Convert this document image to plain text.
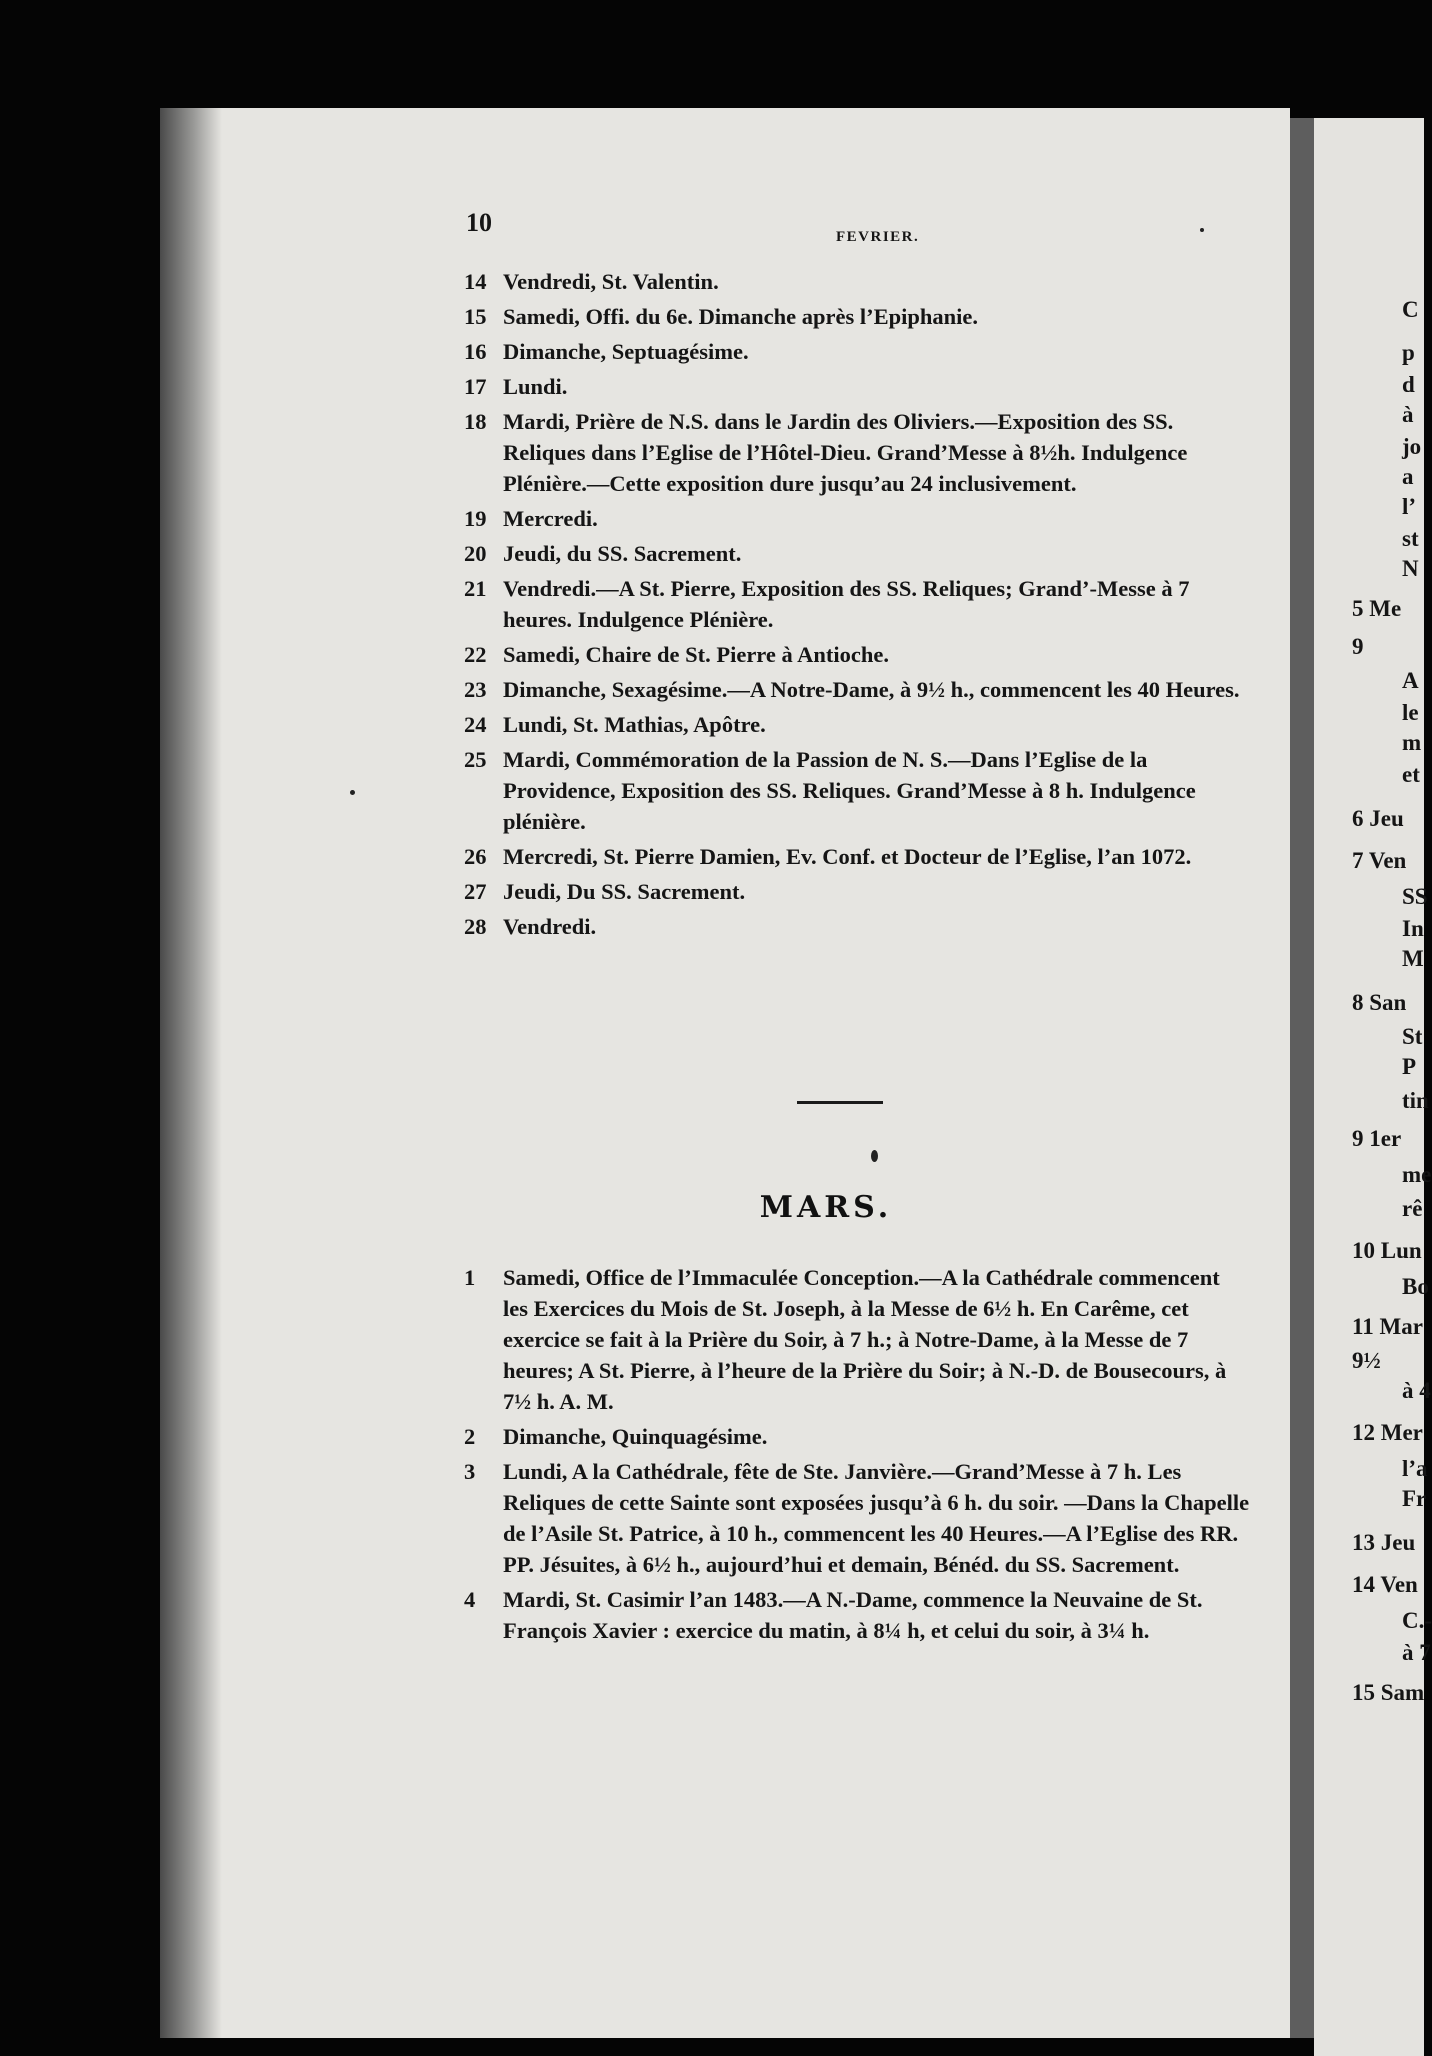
C
p
d
à
jo
a
l’
st
N
5 Me
9
A
le
m
et
6 Jeu
7 Ven
SS
In
M
8 San
St
P
tin
9 1er
me
rê
10 Lun
Bo
11 Mar
9½
à 4
12 Mer
l’a
Fr
13 Jeu
14 Ven
C.-
à 7
15 Sam
10	FEVRIER.
14 Vendredi, St. Valentin.
15 Samedi, Offi. du 6e. Dimanche après l’Epiphanie.
16 Dimanche, Septuagésime.
17 Lundi.
18 Mardi, Prière de N.S. dans le Jardin des Oliviers.—Exposition des SS. Reliques dans l’Eglise de l’Hôtel-Dieu. Grand’Messe à 8½h. Indulgence Plénière.—Cette exposition dure jusqu’au 24 inclusivement.
19 Mercredi.
20 Jeudi, du SS. Sacrement.
21 Vendredi.—A St. Pierre, Exposition des SS. Reliques; Grand’-Messe à 7 heures. Indulgence Plénière.
22 Samedi, Chaire de St. Pierre à Antioche.
23 Dimanche, Sexagésime.—A Notre-Dame, à 9½ h., commencent les 40 Heures.
24 Lundi, St. Mathias, Apôtre.
25 Mardi, Commémoration de la Passion de N. S.—Dans l’Eglise de la Providence, Exposition des SS. Reliques. Grand’Messe à 8 h. Indulgence plénière.
26 Mercredi, St. Pierre Damien, Ev. Conf. et Docteur de l’Eglise, l’an 1072.
27 Jeudi, Du SS. Sacrement.
28 Vendredi.
MARS.
1 Samedi, Office de l’Immaculée Conception.—A la Cathédrale commencent les Exercices du Mois de St. Joseph, à la Messe de 6½ h. En Carême, cet exercice se fait à la Prière du Soir, à 7 h.; à Notre-Dame, à la Messe de 7 heures; A St. Pierre, à l’heure de la Prière du Soir; à N.-D. de Bousecours, à 7½ h. A. M.
2 Dimanche, Quinquagésime.
3 Lundi, A la Cathédrale, fête de Ste. Janvière.—Grand’Messe à 7 h. Les Reliques de cette Sainte sont exposées jusqu’à 6 h. du soir. —Dans la Chapelle de l’Asile St. Patrice, à 10 h., commencent les 40 Heures.—A l’Eglise des RR. PP. Jésuites, à 6½ h., aujourd’hui et demain, Bénéd. du SS. Sacrement.
4 Mardi, St. Casimir l’an 1483.—A N.-Dame, commence la Neuvaine de St. François Xavier : exercice du matin, à 8¼ h, et celui du soir, à 3¼ h.
